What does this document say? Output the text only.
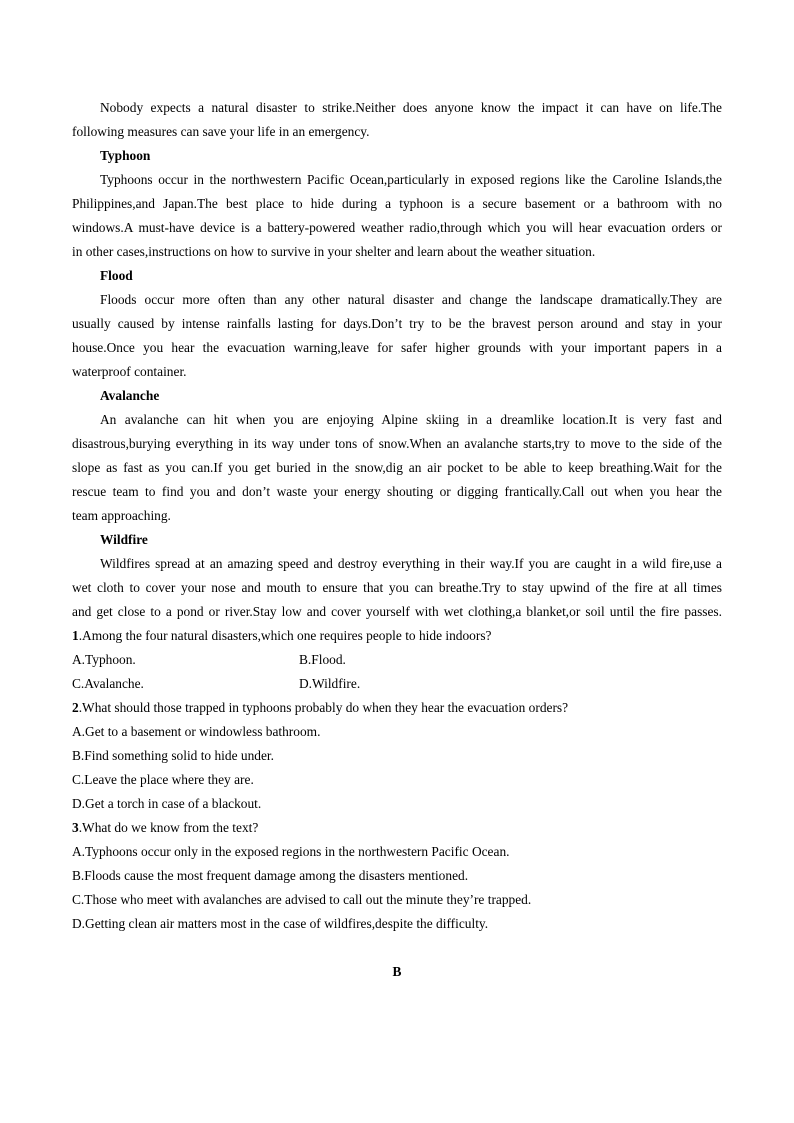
Nobody expects a natural disaster to strike.Neither does anyone know the impact it can have on life.The
following measures can save your life in an emergency.
Typhoon
Typhoons occur in the northwestern Pacific Ocean,particularly in exposed regions like the Caroline Islands,the
Philippines,and Japan.The best place to hide during a typhoon is a secure basement or a bathroom with no
windows.A must-have device is a battery-powered weather radio,through which you will hear evacuation orders or
in other cases,instructions on how to survive in your shelter and learn about the weather situation.
Flood
Floods occur more often than any other natural disaster and change the landscape dramatically.They are
usually caused by intense rainfalls lasting for days.Don’t try to be the bravest person around and stay in your
house.Once you hear the evacuation warning,leave for safer higher grounds with your important papers in a
waterproof container.
Avalanche
An avalanche can hit when you are enjoying Alpine skiing in a dreamlike location.It is very fast and
disastrous,burying everything in its way under tons of snow.When an avalanche starts,try to move to the side of the
slope as fast as you can.If you get buried in the snow,dig an air pocket to be able to keep breathing.Wait for the
rescue team to find you and don’t waste your energy shouting or digging frantically.Call out when you hear the
team approaching.
Wildfire
Wildfires spread at an amazing speed and destroy everything in their way.If you are caught in a wild fire,use a
wet cloth to cover your nose and mouth to ensure that you can breathe.Try to stay upwind of the fire at all times
and get close to a pond or river.Stay low and cover yourself with wet clothing,a blanket,or soil until the fire passes.
1.Among the four natural disasters,which one requires people to hide indoors?
A.Typhoon.	B.Flood.
C.Avalanche.	D.Wildfire.
2.What should those trapped in typhoons probably do when they hear the evacuation orders?
A.Get to a basement or windowless bathroom.
B.Find something solid to hide under.
C.Leave the place where they are.
D.Get a torch in case of a blackout.
3.What do we know from the text?
A.Typhoons occur only in the exposed regions in the northwestern Pacific Ocean.
B.Floods cause the most frequent damage among the disasters mentioned.
C.Those who meet with avalanches are advised to call out the minute they’re trapped.
D.Getting clean air matters most in the case of wildfires,despite the difficulty.
B
